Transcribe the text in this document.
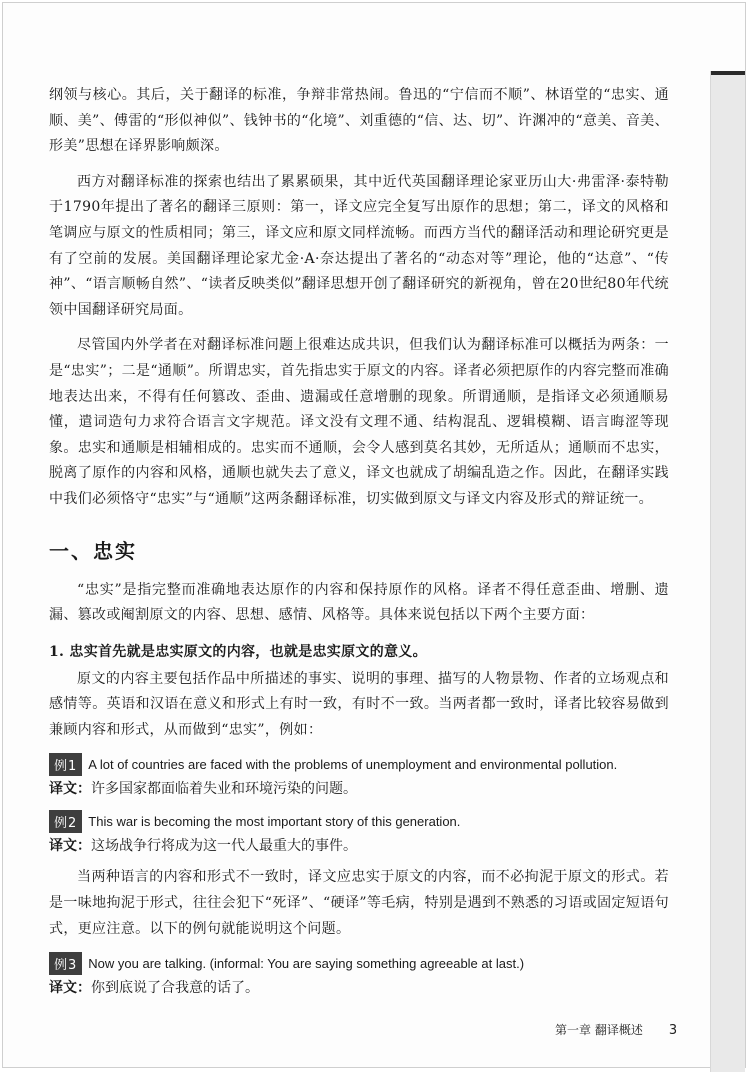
纲领与核心。其后，关于翻译的标准，争辩非常热闹。鲁迅的“宁信而不顺”、林语堂的“忠实、通顺、美”、傅雷的“形似神似”、钱钟书的“化境”、刘重德的“信、达、切”、许渊冲的“意美、音美、形美”思想在译界影响颇深。

西方对翻译标准的探索也结出了累累硕果，其中近代英国翻译理论家亚历山大·弗雷泽·泰特勒于1790年提出了著名的翻译三原则：第一，译文应完全复写出原作的思想；第二，译文的风格和笔调应与原文的性质相同；第三，译文应和原文同样流畅。而西方当代的翻译活动和理论研究更是有了空前的发展。美国翻译理论家尤金·A·奈达提出了著名的“动态对等”理论，他的“达意”、“传神”、“语言顺畅自然”、“读者反映类似”翻译思想开创了翻译研究的新视角，曾在20世纪80年代统领中国翻译研究局面。

尽管国内外学者在对翻译标准问题上很难达成共识，但我们认为翻译标准可以概括为两条：一是“忠实”；二是“通顺”。所谓忠实，首先指忠实于原文的内容。译者必须把原作的内容完整而准确地表达出来，不得有任何篡改、歪曲、遗漏或任意增删的现象。所谓通顺，是指译文必须通顺易懂，遣词造句力求符合语言文字规范。译文没有文理不通、结构混乱、逻辑模糊、语言晦涩等现象。忠实和通顺是相辅相成的。忠实而不通顺，会令人感到莫名其妙，无所适从；通顺而不忠实，脱离了原作的内容和风格，通顺也就失去了意义，译文也就成了胡编乱造之作。因此，在翻译实践中我们必须恪守“忠实”与“通顺”这两条翻译标准，切实做到原文与译文内容及形式的辩证统一。

一、忠实

“忠实”是指完整而准确地表达原作的内容和保持原作的风格。译者不得任意歪曲、增删、遗漏、篡改或阉割原文的内容、思想、感情、风格等。具体来说包括以下两个主要方面：

1. 忠实首先就是忠实原文的内容，也就是忠实原文的意义。

原文的内容主要包括作品中所描述的事实、说明的事理、描写的人物景物、作者的立场观点和感情等。英语和汉语在意义和形式上有时一致，有时不一致。当两者都一致时，译者比较容易做到兼顾内容和形式，从而做到“忠实”，例如：

例1 A lot of countries are faced with the problems of unemployment and environmental pollution.
译文：许多国家都面临着失业和环境污染的问题。
例2 This war is becoming the most important story of this generation.
译文：这场战争行将成为这一代人最重大的事件。

当两种语言的内容和形式不一致时，译文应忠实于原文的内容，而不必拘泥于原文的形式。若是一味地拘泥于形式，往往会犯下“死译”、“硬译”等毛病，特别是遇到不熟悉的习语或固定短语句式，更应注意。以下的例句就能说明这个问题。

例3 Now you are talking. (informal: You are saying something agreeable at last.)
译文：你到底说了合我意的话了。
第一章 翻译概述 3
